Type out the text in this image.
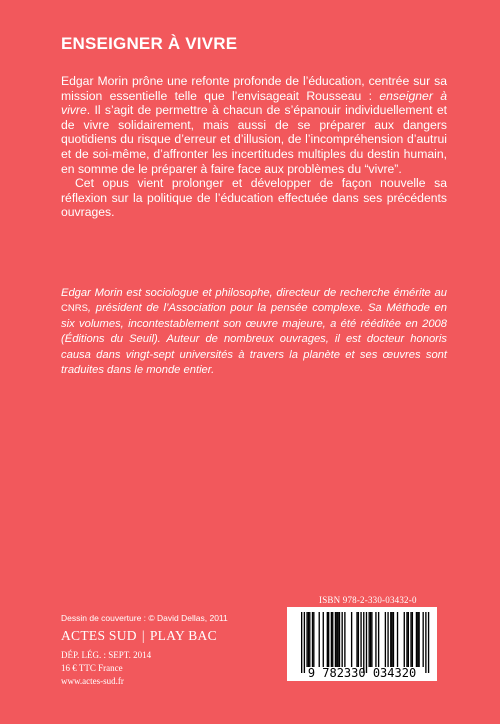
ENSEIGNER À VIVRE

Edgar Morin prône une refonte profonde de l’éducation, centrée sur sa mission essentielle telle que l’envisageait Rousseau : enseigner à vivre. Il s’agit de permettre à chacun de s’épanouir individuellement et de vivre solidairement, mais aussi de se préparer aux dangers quotidiens du risque d’erreur et d’illusion, de l’incompréhension d’autrui et de soi-même, d’affronter les incertitudes multiples du destin humain, en somme de le préparer à faire face aux problèmes du “vivre”.

Cet opus vient prolonger et développer de façon nouvelle sa réflexion sur la politique de l’éducation effectuée dans ses précédents ouvrages.

Edgar Morin est sociologue et philosophe, directeur de recherche émérite au CNRS, président de l’Association pour la pensée complexe. Sa Méthode en six volumes, incontestablement son œuvre majeure, a été rééditée en 2008 (Éditions du Seuil). Auteur de nombreux ouvrages, il est docteur honoris causa dans vingt-sept universités à travers la planète et ses œuvres sont traduites dans le monde entier.

Dessin de couverture : © David Dellas, 2011

ACTES SUD | PLAY BAC

DÉP. LÉG. : SEPT. 2014
16 € TTC France
www.actes-sud.fr

ISBN 978-2-330-03432-0

9 782330 034320
